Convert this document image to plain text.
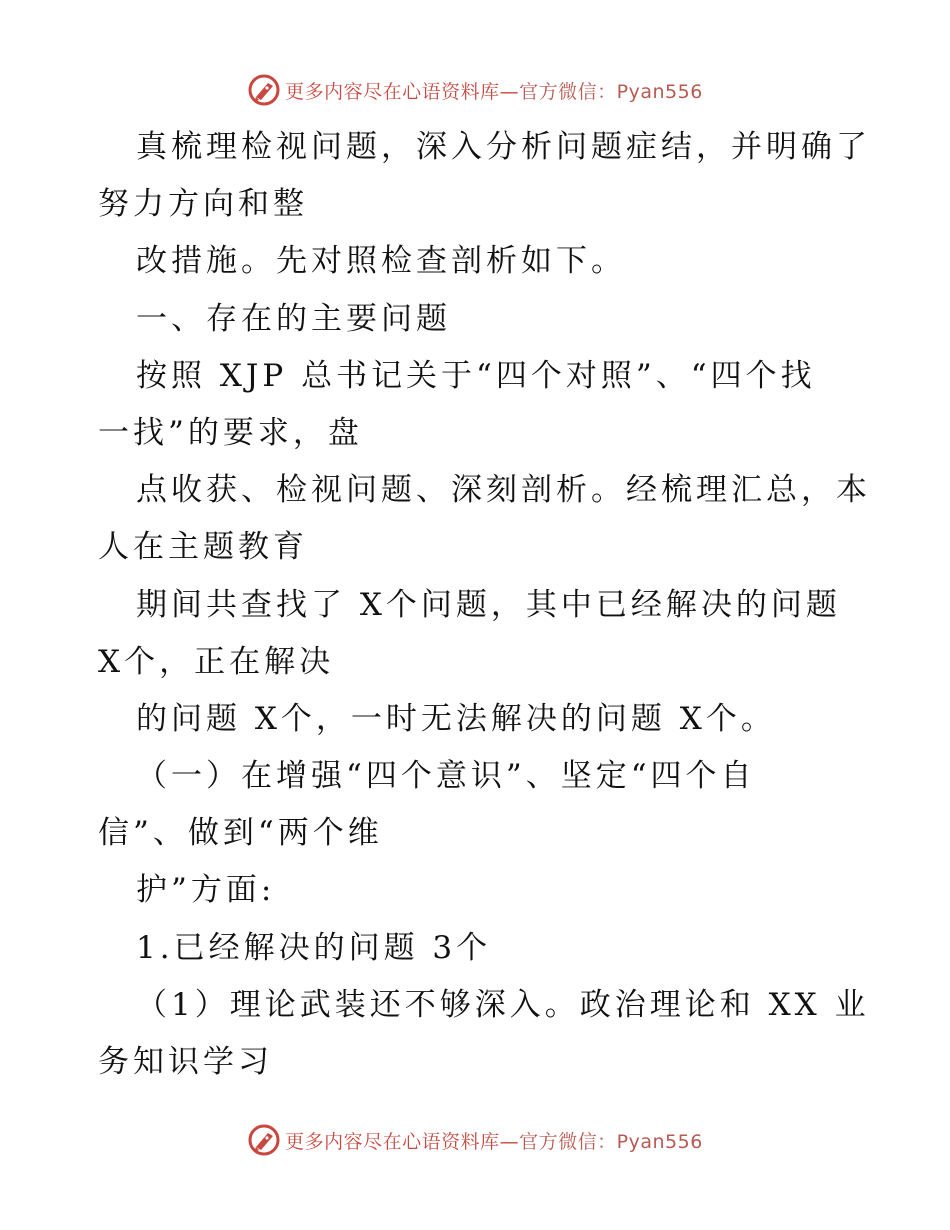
更多内容尽在心语资料库—官方微信：Pyan556
真梳理检视问题，深入分析问题症结，并明确了
努力方向和整
改措施。先对照检查剖析如下。
一、存在的主要问题
按照 XJP 总书记关于“四个对照”、“四个找
一找”的要求，盘
点收获、检视问题、深刻剖析。经梳理汇总，本
人在主题教育
期间共查找了 X个问题，其中已经解决的问题
X个，正在解决
的问题 X个，一时无法解决的问题 X个。
（一）在增强“四个意识”、坚定“四个自
信”、做到“两个维
护”方面:
1.已经解决的问题 3个
（1）理论武装还不够深入。政治理论和 XX 业
务知识学习
更多内容尽在心语资料库—官方微信：Pyan556
